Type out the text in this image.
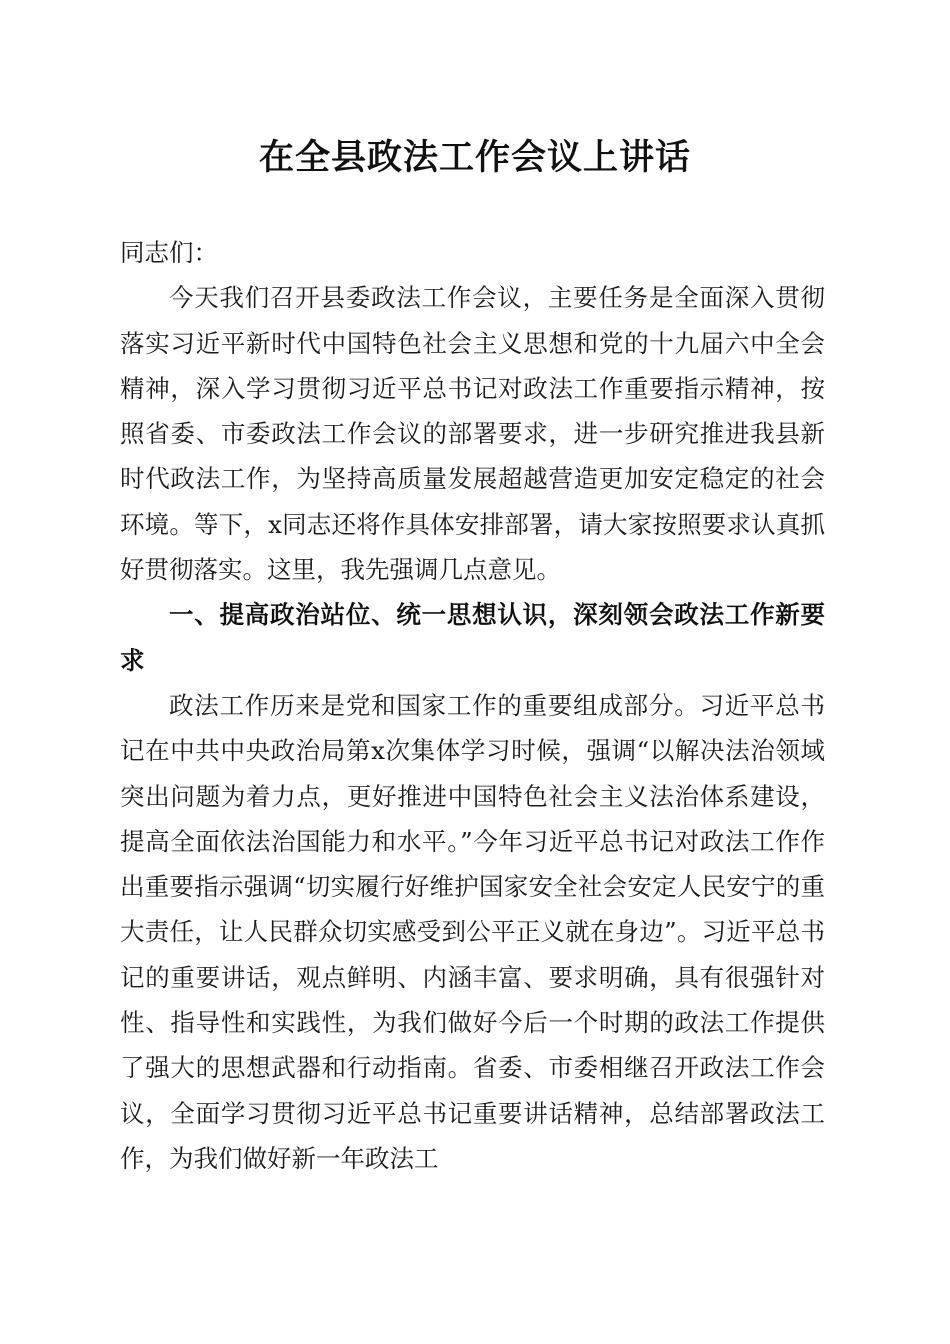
在全县政法工作会议上讲话

同志们：

今天我们召开县委政法工作会议，主要任务是全面深入贯彻落实习近平新时代中国特色社会主义思想和党的十九届六中全会精神，深入学习贯彻习近平总书记对政法工作重要指示精神，按照省委、市委政法工作会议的部署要求，进一步研究推进我县新时代政法工作，为坚持高质量发展超越营造更加安定稳定的社会环境。等下，x同志还将作具体安排部署，请大家按照要求认真抓好贯彻落实。这里，我先强调几点意见。

一、提高政治站位、统一思想认识，深刻领会政法工作新要求

政法工作历来是党和国家工作的重要组成部分。习近平总书记在中共中央政治局第x次集体学习时候，强调“以解决法治领域突出问题为着力点，更好推进中国特色社会主义法治体系建设，提高全面依法治国能力和水平。”今年习近平总书记对政法工作作出重要指示强调“切实履行好维护国家安全社会安定人民安宁的重大责任，让人民群众切实感受到公平正义就在身边”。习近平总书记的重要讲话，观点鲜明、内涵丰富、要求明确，具有很强针对性、指导性和实践性，为我们做好今后一个时期的政法工作提供了强大的思想武器和行动指南。省委、市委相继召开政法工作会议，全面学习贯彻习近平总书记重要讲话精神，总结部署政法工作，为我们做好新一年政法工
